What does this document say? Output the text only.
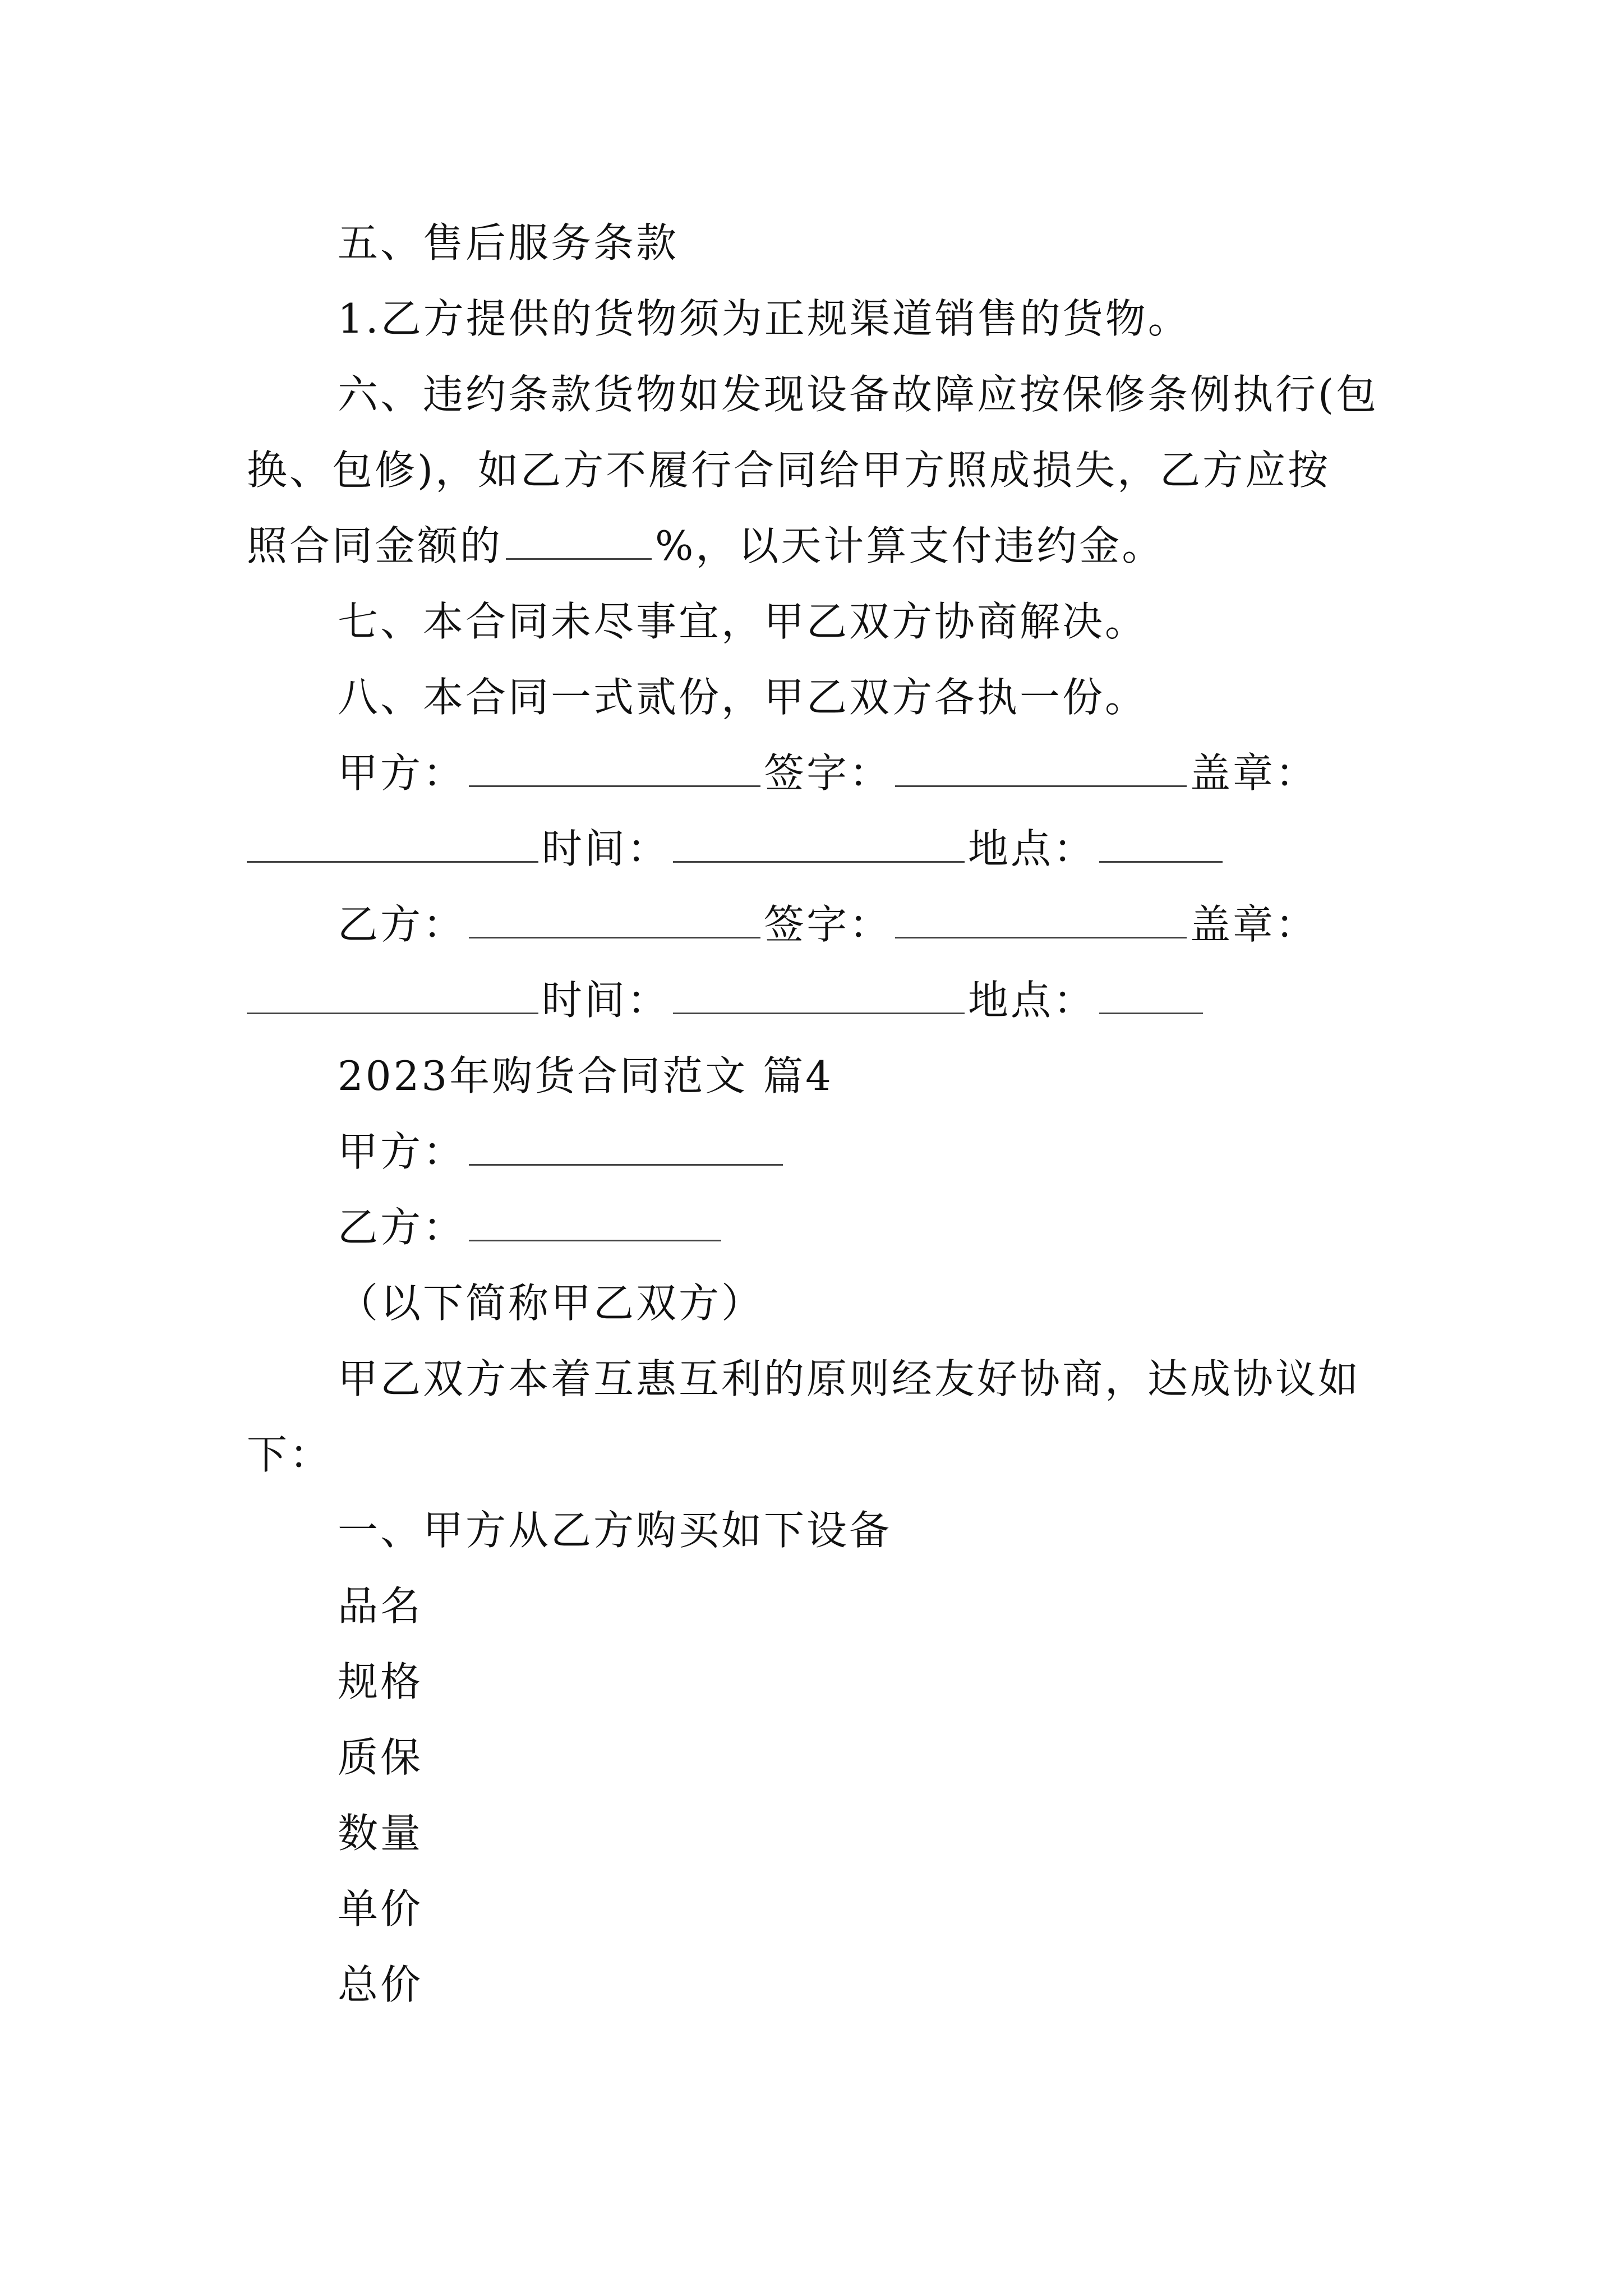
五、售后服务条款
1.乙方提供的货物须为正规渠道销售的货物。
六、违约条款货物如发现设备故障应按保修条例执行(包
换、包修)，如乙方不履行合同给甲方照成损失，乙方应按
照合同金额的	%，以天计算支付违约金。
七、本合同未尽事宜，甲乙双方协商解决。
八、本合同一式贰份，甲乙双方各执一份。
甲方：	签字：	盖章：
时间：	地点：
乙方：	签字：	盖章：
时间：	地点：
2023年购货合同范文 篇4
甲方：
乙方：
（以下简称甲乙双方）
甲乙双方本着互惠互利的原则经友好协商，达成协议如
下：
一、甲方从乙方购买如下设备
品名
规格
质保
数量
单价
总价
